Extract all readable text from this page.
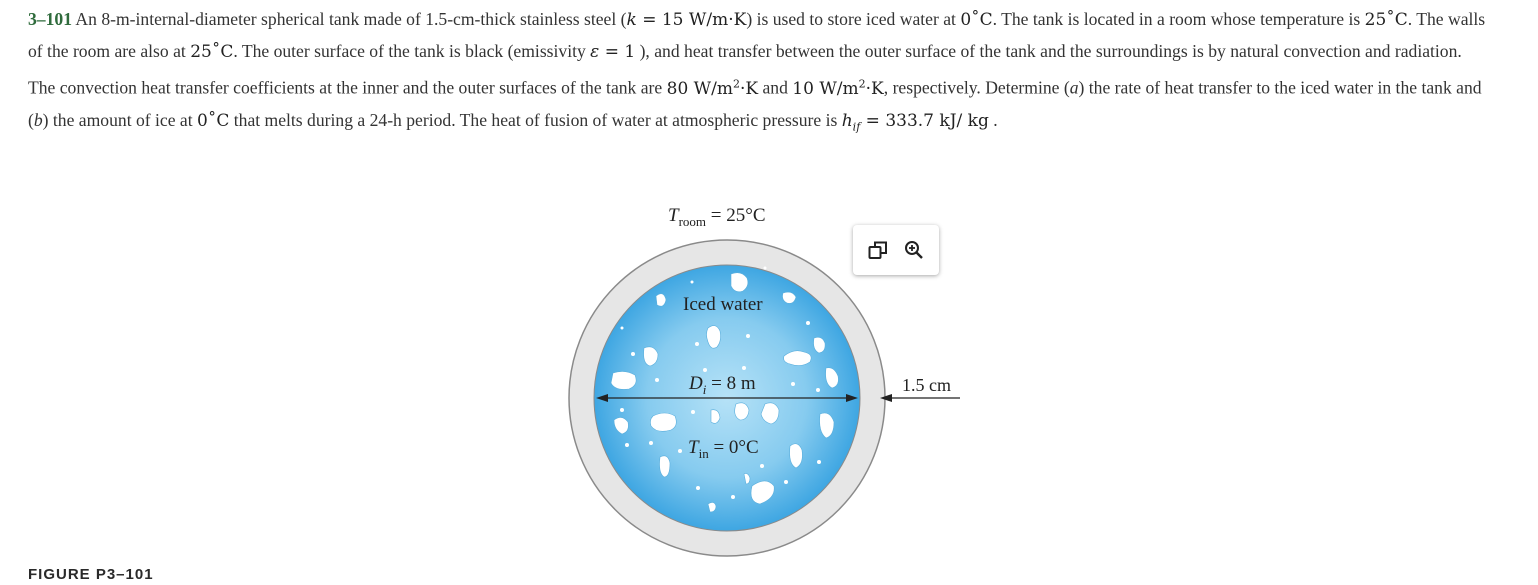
3–101 An 8-m-internal-diameter spherical tank made of 1.5-cm-thick stainless steel (k = 15 W/m·K) is used to store iced water at 0˚C. The tank is located in a room whose temperature is 25˚C. The walls of the room are also at 25˚C. The outer surface of the tank is black (emissivity ε = 1 ), and heat transfer between the outer surface of the tank and the surroundings is by natural convection and radiation. The convection heat transfer coefficients at the inner and the outer surfaces of the tank are 80 $W/m^2\cdot K$ and 10 $W/m^2\cdot K$, respectively. Determine (a) the rate of heat transfer to the iced water in the tank and (b) the amount of ice at 0˚C that melts during a 24-h period. The heat of fusion of water at atmospheric pressure is $h_{if} = 333.7$ kJ/ kg .
$T_{room} = 25^\circ C$
Iced water
$D_i = 8$ m	1.5 cm
$T_{in} = 0^\circ C$
FIGURE P3–101
